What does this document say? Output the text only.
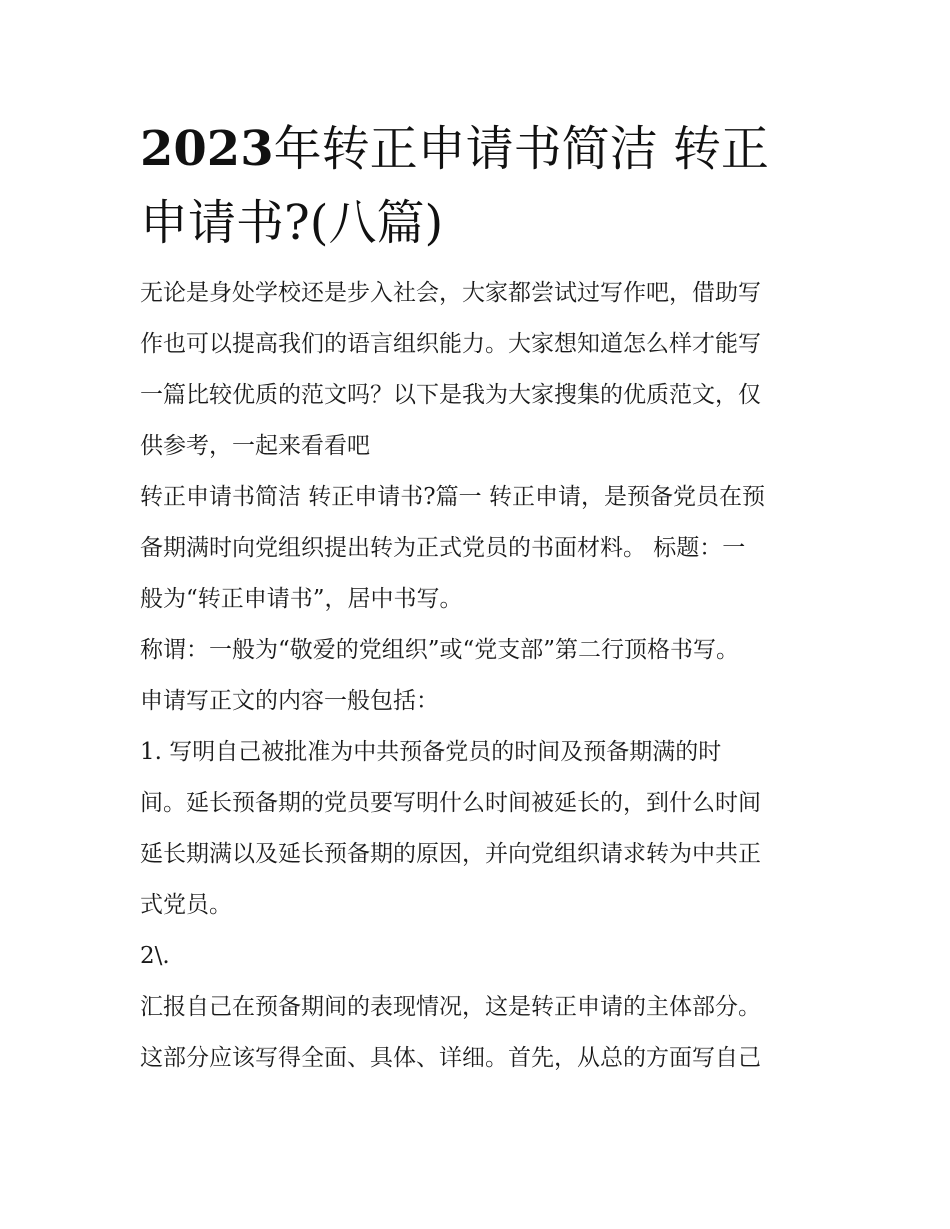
2023年转正申请书简洁 转正
申请书?(八篇)
无论是身处学校还是步入社会，大家都尝试过写作吧，借助写
作也可以提高我们的语言组织能力。大家想知道怎么样才能写
一篇比较优质的范文吗？以下是我为大家搜集的优质范文，仅
供参考，一起来看看吧
转正申请书简洁 转正申请书?篇一 转正申请，是预备党员在预
备期满时向党组织提出转为正式党员的书面材料。 标题：一
般为“转正申请书”，居中书写。
称谓：一般为“敬爱的党组织”或“党支部”第二行顶格书写。
申请写正文的内容一般包括：
1. 写明自己被批准为中共预备党员的时间及预备期满的时
间。延长预备期的党员要写明什么时间被延长的，到什么时间
延长期满以及延长预备期的原因，并向党组织请求转为中共正
式党员。
2\.
汇报自己在预备期间的表现情况，这是转正申请的主体部分。
这部分应该写得全面、具体、详细。首先，从总的方面写自己
